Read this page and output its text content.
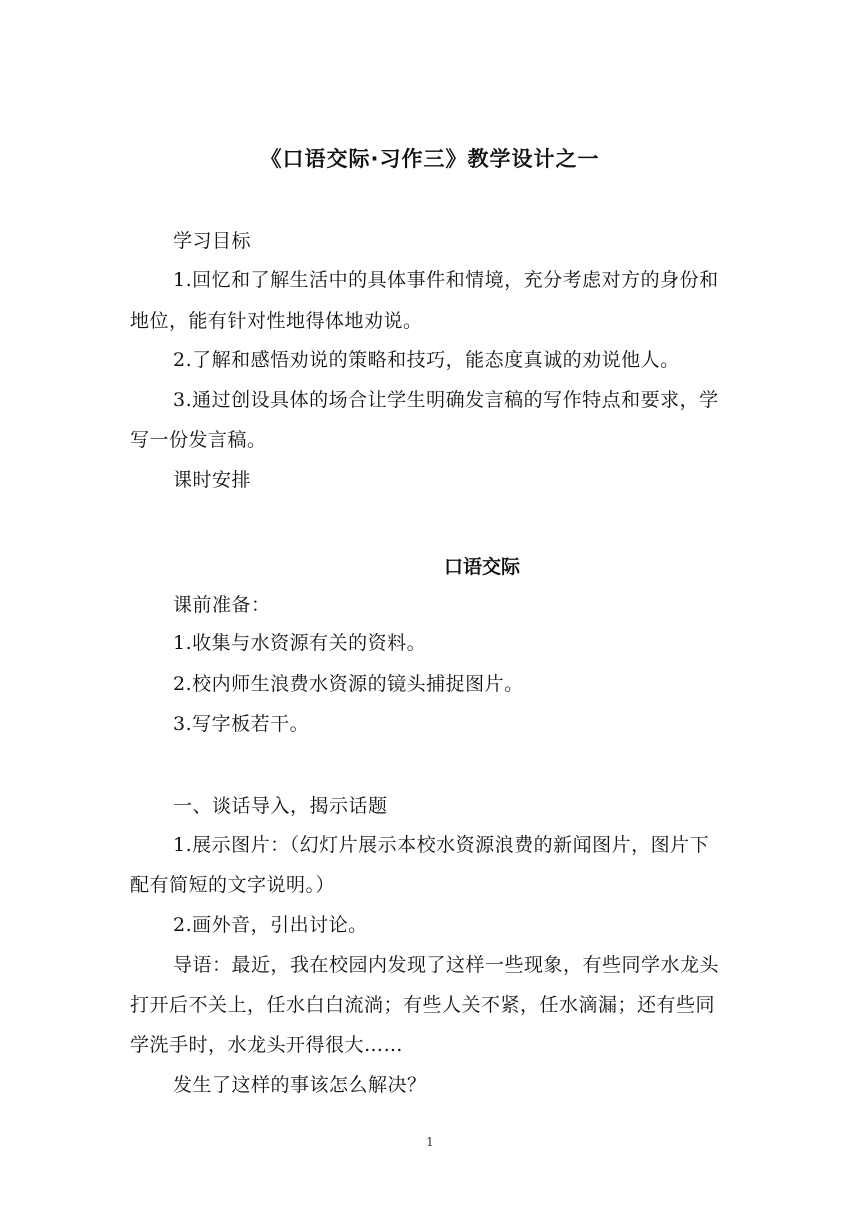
《口语交际·习作三》教学设计之一
学习目标
1.回忆和了解生活中的具体事件和情境，充分考虑对方的身份和
地位，能有针对性地得体地劝说。
2.了解和感悟劝说的策略和技巧，能态度真诚的劝说他人。
3.通过创设具体的场合让学生明确发言稿的写作特点和要求，学
写一份发言稿。
课时安排
口语交际
课前准备：
1.收集与水资源有关的资料。
2.校内师生浪费水资源的镜头捕捉图片。
3.写字板若干。
一、谈话导入，揭示话题
1.展示图片：（幻灯片展示本校水资源浪费的新闻图片，图片下
配有简短的文字说明。）
2.画外音，引出讨论。
导语：最近，我在校园内发现了这样一些现象，有些同学水龙头
打开后不关上，任水白白流淌；有些人关不紧，任水滴漏；还有些同
学洗手时，水龙头开得很大……
发生了这样的事该怎么解决？
1
